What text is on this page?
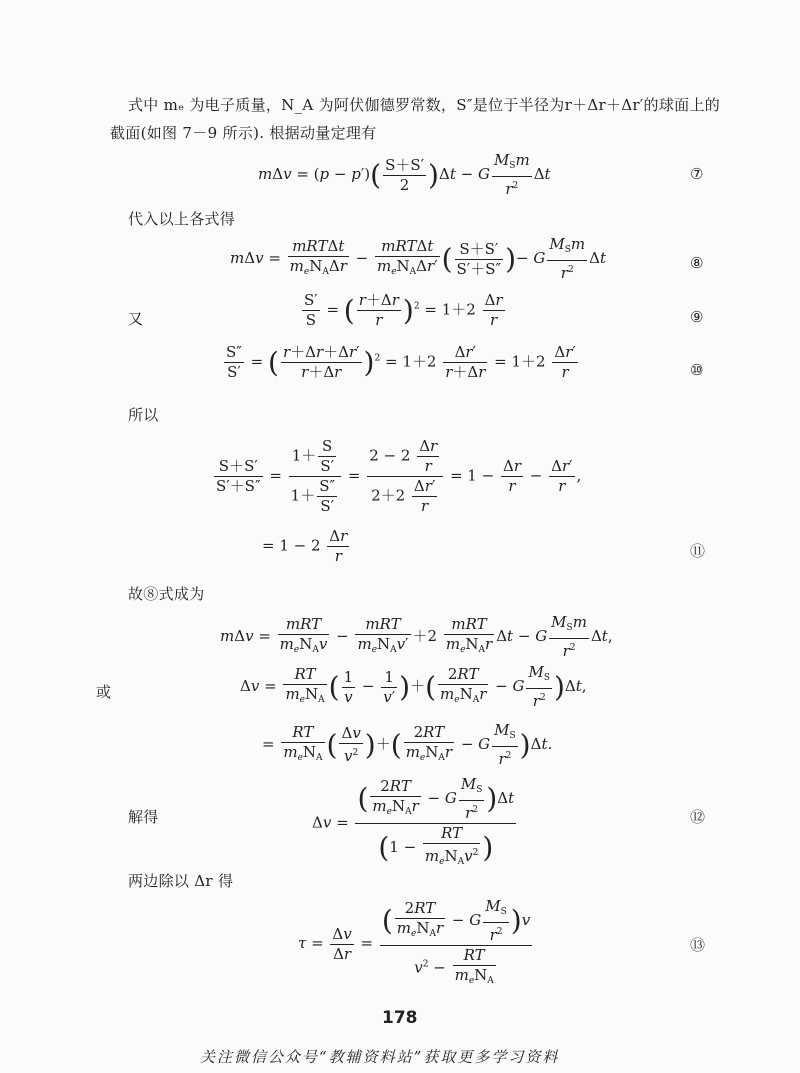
式中 mₑ 为电子质量，N_A 为阿伏伽德罗常数，S″是位于半径为r＋Δr＋Δr′的球面上的
截面(如图 7－9 所示). 根据动量定理有
$m\Delta v = (p - p')( \frac{S+S'}{2} )\Delta t - G \frac{M_Sm}{r^2}$ Δt	⑦
代入以上各式得
$m\Delta v = \frac{\text{mRTΔt}}{m_eN_A\Delta r} - \frac{\text{mRTΔt}}{m_eN_A\Delta r'}$ ( $\frac{S+S'}{S'+S''}$ )− G $\frac{M_Sm}{r^2}$ Δt	⑧
又	$\frac{S'}{S}$ = ( $\frac{r+\Delta r}{r} )^2 = 1+2 \frac{\Delta r}{r}$	⑨
$\frac{S''}{S'}$ = ( $\frac{r+\Delta r+\Delta r'}{r+\Delta r} )^2 = 1+2 \frac{\Delta r'}{r+\Delta r} = 1+2 \frac{\Delta r'}{r}$	⑩
所以
$\frac{S+S'}{S'+S''} = \frac{1+ \frac{S}{S'}}{1+ \frac{S''}{S'}} = \frac{2 - 2 \frac{\Delta r}{r}}{2+2 \frac{\Delta r'}{r}} = 1 - \frac{\Delta r}{r} - \frac{\Delta r'}{r}$ ,
= $1 - 2 \frac{\Delta r}{r}$	⑪
故⑧式成为
$m\Delta v = \frac{\text{mRT}}{m_eN_Av} - \frac{\text{mRT}}{m_eN_Av'} +2 \frac{\text{mRT}}{m_eN_Ar}$ Δt − G $\frac{M_Sm}{r^2} \Delta t$,
或	$\Delta v = \frac{RT}{m_eN_A}$ ( $\frac{1}{v} - \frac{1}{v'}$ )＋( $\frac{2RT}{m_eN_Ar} - G \frac{M_S}{r^2} )\Delta t$,
= $\frac{RT}{m_eN_A}$ ( $\frac{\Delta v}{v^2}$ )＋( $\frac{2RT}{m_eN_Ar} - G \frac{M_S}{r^2} )\Delta t$.
解得	$\Delta v = \frac{( \frac{2RT}{m_eN_Ar} - G \frac{M_S}{r^2} )\Delta t}{(1 - \frac{RT}{m_eN_Av^2} )}$	⑫
两边除以 Δr 得
$\tau = \frac{\Delta v}{\Delta r} = \frac{( \frac{2RT}{m_eN_Ar} - G \frac{M_S}{r^2} )v}{v^2 - \frac{RT}{m_eN_A}}$	⑬
178
关注微信公众号“教辅资料站”获取更多学习资料
